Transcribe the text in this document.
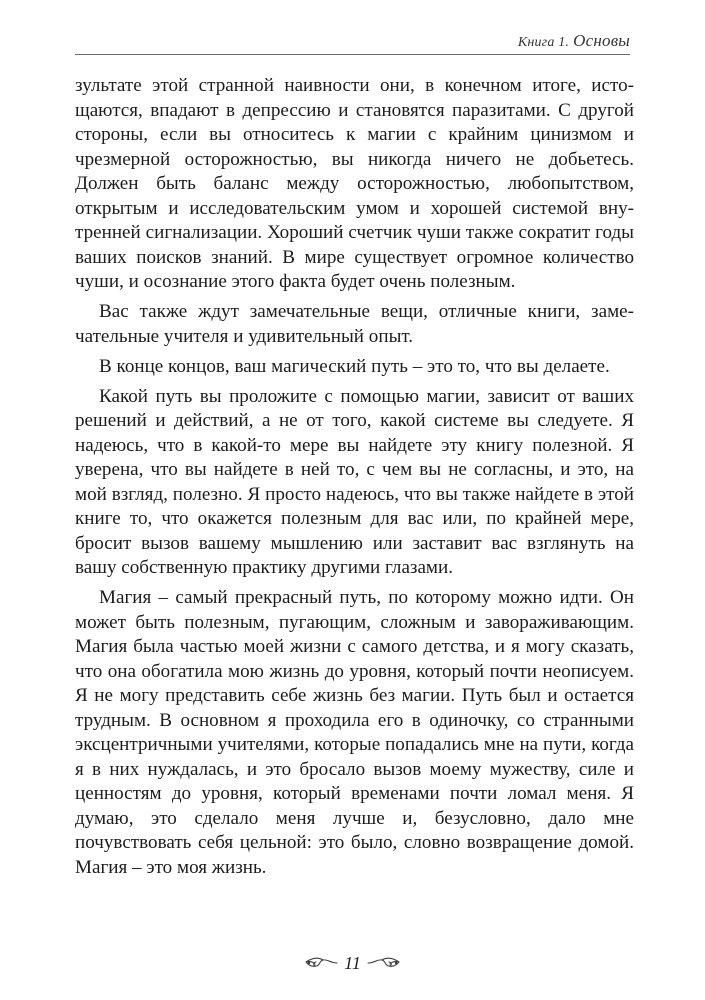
Книга 1. Основы

зультате этой странной наивности они, в конечном итоге, истощаются, впадают в депрессию и становятся паразитами. С другой стороны, если вы относитесь к магии с крайним цинизмом и чрезмерной осторожностью, вы никогда ничего не добьетесь. Должен быть баланс между осторожностью, любопытством, открытым и исследовательским умом и хорошей системой внутренней сигнализации. Хороший счетчик чуши также сократит годы ваших поисков знаний. В мире существует огромное количество чуши, и осознание этого факта будет очень полезным.

Вас также ждут замечательные вещи, отличные книги, замечательные учителя и удивительный опыт.

В конце концов, ваш магический путь – это то, что вы делаете.

Какой путь вы проложите с помощью магии, зависит от ваших решений и действий, а не от того, какой системе вы следуете. Я надеюсь, что в какой-то мере вы найдете эту книгу полезной. Я уверена, что вы найдете в ней то, с чем вы не согласны, и это, на мой взгляд, полезно. Я просто надеюсь, что вы также найдете в этой книге то, что окажется полезным для вас или, по крайней мере, бросит вызов вашему мышлению или заставит вас взглянуть на вашу собственную практику другими глазами.

Магия – самый прекрасный путь, по которому можно идти. Он может быть полезным, пугающим, сложным и завораживающим. Магия была частью моей жизни с самого детства, и я могу сказать, что она обогатила мою жизнь до уровня, который почти неописуем. Я не могу представить себе жизнь без магии. Путь был и остается трудным. В основном я проходила его в одиночку, со странными эксцентричными учителями, которые попадались мне на пути, когда я в них нуждалась, и это бросало вызов моему мужеству, силе и ценностям до уровня, который временами почти ломал меня. Я думаю, это сделало меня лучше и, безусловно, дало мне почувствовать себя цельной: это было, словно возвращение домой. Магия – это моя жизнь.

11
